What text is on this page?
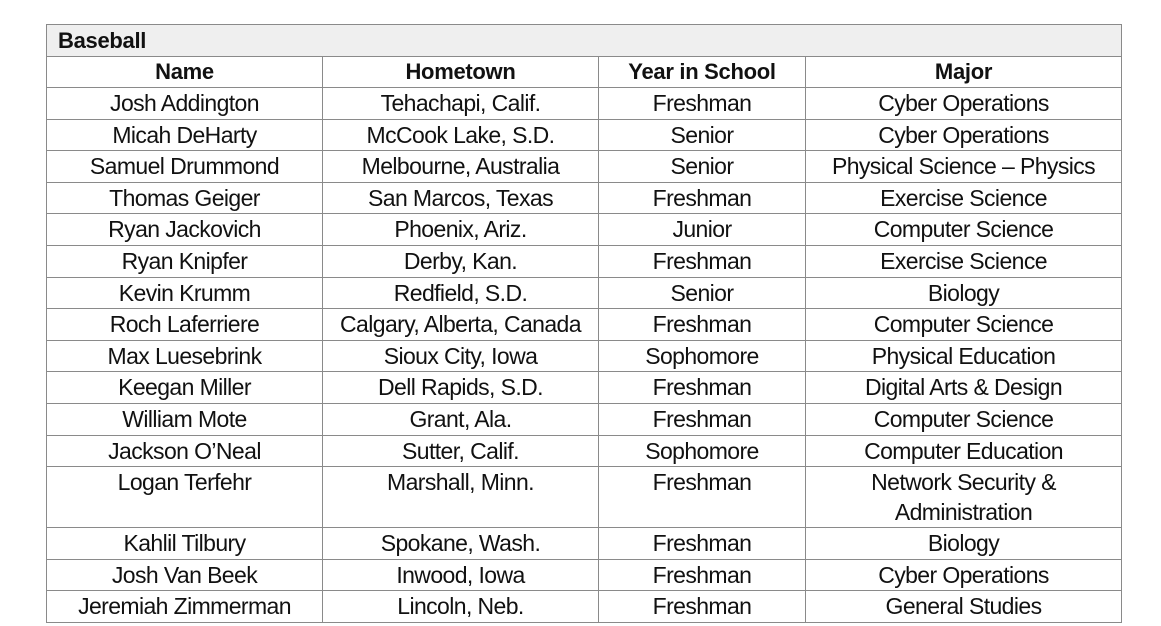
Baseball			
Name	Hometown	Year in School	Major
Josh Addington	Tehachapi, Calif.	Freshman	Cyber Operations
Micah DeHarty	McCook Lake, S.D.	Senior	Cyber Operations
Samuel Drummond	Melbourne, Australia	Senior	Physical Science – Physics
Thomas Geiger	San Marcos, Texas	Freshman	Exercise Science
Ryan Jackovich	Phoenix, Ariz.	Junior	Computer Science
Ryan Knipfer	Derby, Kan.	Freshman	Exercise Science
Kevin Krumm	Redfield, S.D.	Senior	Biology
Roch Laferriere	Calgary, Alberta, Canada	Freshman	Computer Science
Max Luesebrink	Sioux City, Iowa	Sophomore	Physical Education
Keegan Miller	Dell Rapids, S.D.	Freshman	Digital Arts & Design
William Mote	Grant, Ala.	Freshman	Computer Science
Jackson O’Neal	Sutter, Calif.	Sophomore	Computer Education
Logan Terfehr	Marshall, Minn.	Freshman	Network Security & Administration
Kahlil Tilbury	Spokane, Wash.	Freshman	Biology
Josh Van Beek	Inwood, Iowa	Freshman	Cyber Operations
Jeremiah Zimmerman	Lincoln, Neb.	Freshman	General Studies
